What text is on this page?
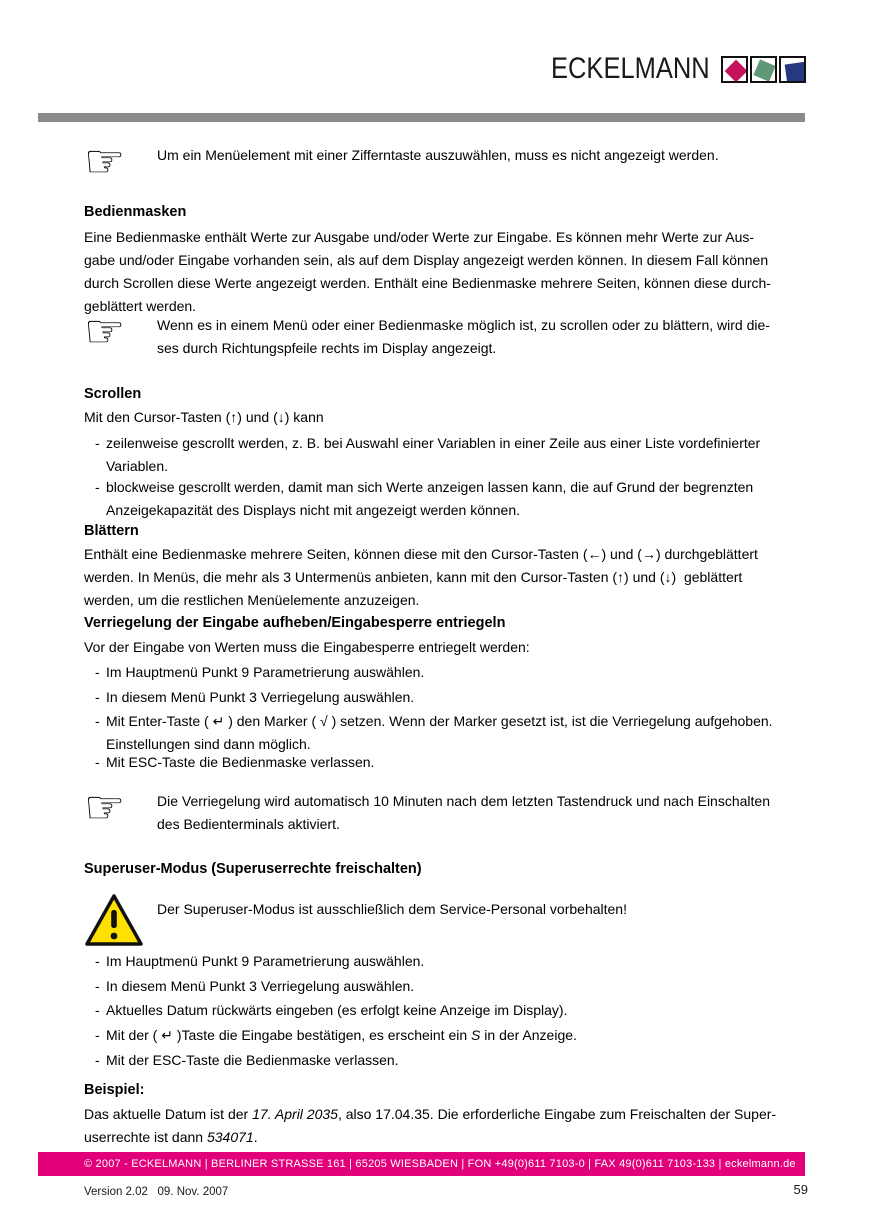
ECKELMANN
☞	Um ein Menüelement mit einer Zifferntaste auszuwählen, muss es nicht angezeigt werden.
Bedienmasken
Eine Bedienmaske enthält Werte zur Ausgabe und/oder Werte zur Eingabe. Es können mehr Werte zur Aus-
gabe und/oder Eingabe vorhanden sein, als auf dem Display angezeigt werden können. In diesem Fall können
durch Scrollen diese Werte angezeigt werden. Enthält eine Bedienmaske mehrere Seiten, können diese durch-
geblättert werden.
☞	Wenn es in einem Menü oder einer Bedienmaske möglich ist, zu scrollen oder zu blättern, wird die-
ses durch Richtungspfeile rechts im Display angezeigt.
Scrollen
Mit den Cursor-Tasten (↑) und (↓) kann
- zeilenweise gescrollt werden, z. B. bei Auswahl einer Variablen in einer Zeile aus einer Liste vordefinierter
Variablen.
- blockweise gescrollt werden, damit man sich Werte anzeigen lassen kann, die auf Grund der begrenzten
Anzeigekapazität des Displays nicht mit angezeigt werden können.
Blättern
Enthält eine Bedienmaske mehrere Seiten, können diese mit den Cursor-Tasten (←) und (→) durchgeblättert
werden. In Menüs, die mehr als 3 Untermenüs anbieten, kann mit den Cursor-Tasten (↑) und (↓)  geblättert
werden, um die restlichen Menüelemente anzuzeigen.
Verriegelung der Eingabe aufheben/Eingabesperre entriegeln
Vor der Eingabe von Werten muss die Eingabesperre entriegelt werden:
- Im Hauptmenü Punkt 9 Parametrierung auswählen.
- In diesem Menü Punkt 3 Verriegelung auswählen.
- Mit Enter-Taste ( ↵ ) den Marker ( √ ) setzen. Wenn der Marker gesetzt ist, ist die Verriegelung aufgehoben.
Einstellungen sind dann möglich.
- Mit ESC-Taste die Bedienmaske verlassen.
☞	Die Verriegelung wird automatisch 10 Minuten nach dem letzten Tastendruck und nach Einschalten
des Bedienterminals aktiviert.
Superuser-Modus (Superuserrechte freischalten)
Der Superuser-Modus ist ausschließlich dem Service-Personal vorbehalten!
- Im Hauptmenü Punkt 9 Parametrierung auswählen.
- In diesem Menü Punkt 3 Verriegelung auswählen.
- Aktuelles Datum rückwärts eingeben (es erfolgt keine Anzeige im Display).
- Mit der ( ↵ )Taste die Eingabe bestätigen, es erscheint ein S in der Anzeige.
- Mit der ESC-Taste die Bedienmaske verlassen.
Beispiel:
Das aktuelle Datum ist der 17. April 2035, also 17.04.35. Die erforderliche Eingabe zum Freischalten der Super-
userrechte ist dann 534071.
© 2007 - ECKELMANN | BERLINER STRASSE 161 | 65205 WIESBADEN | FON +49(0)611 7103-0 | FAX 49(0)611 7103-133 | eckelmann.de
Version 2.02   09. Nov. 2007	59
